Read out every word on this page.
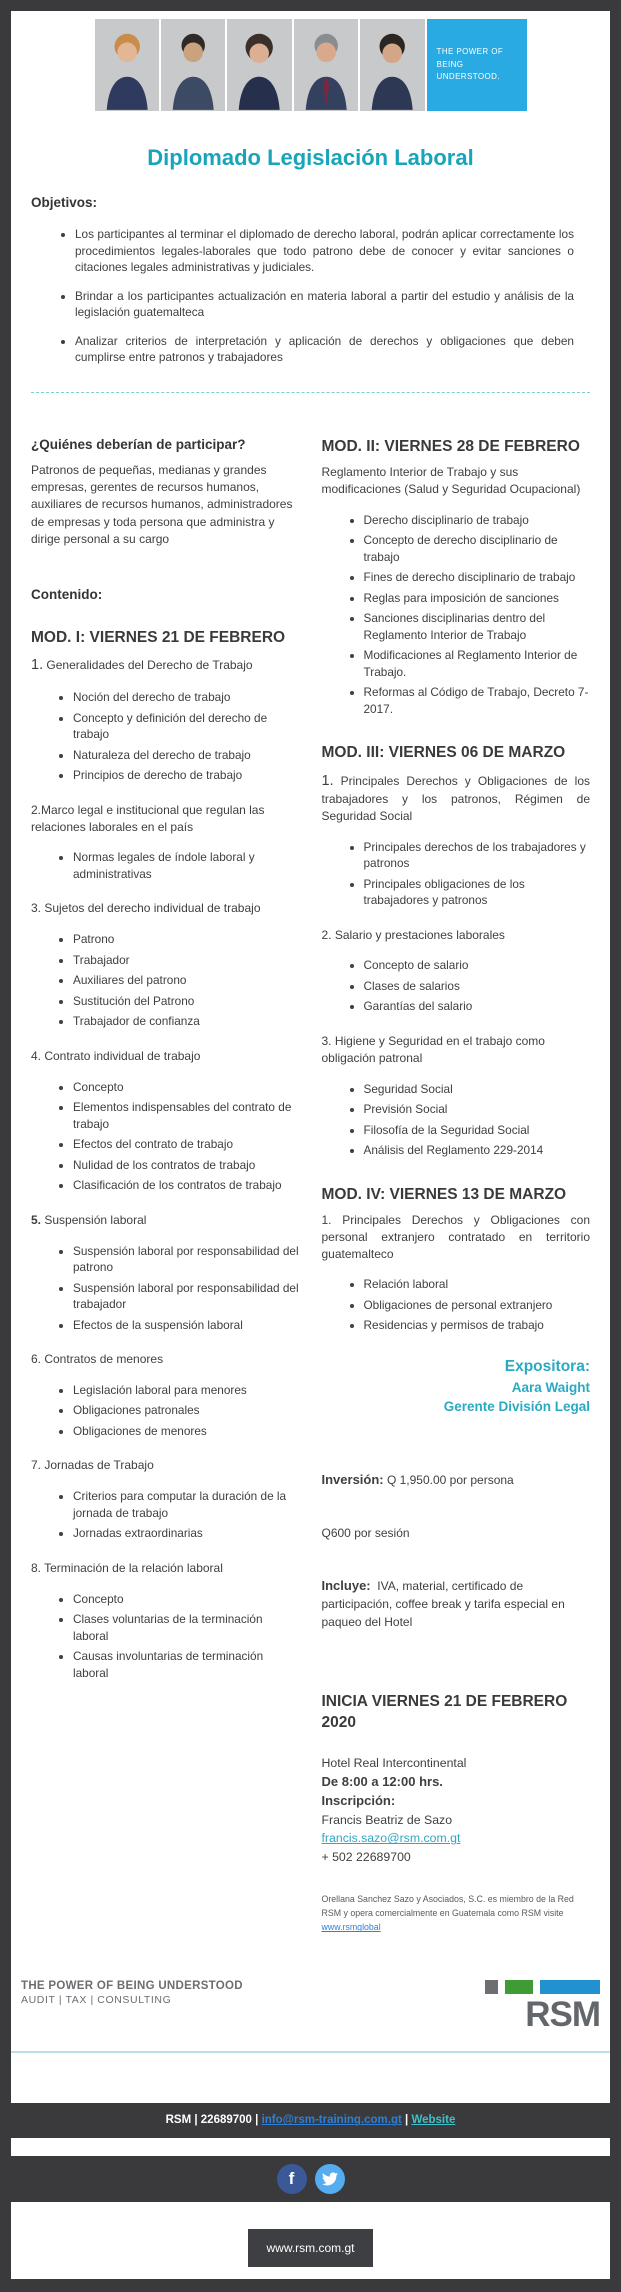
THE POWER OF
BEING UNDERSTOOD.
Diplomado Legislación Laboral
Objetivos:
• Los participantes al terminar el diplomado de derecho laboral, podrán aplicar correctamente los procedimientos legales-laborales que todo patrono debe de conocer y evitar sanciones o citaciones legales administrativas y judiciales.
• Brindar a los participantes actualización en materia laboral a partir del estudio y análisis de la legislación guatemalteca
• Analizar criterios de interpretación y aplicación de derechos y obligaciones que deben cumplirse entre patronos y trabajadores
¿Quiénes deberían de participar?

Patronos de pequeñas, medianas y grandes empresas, gerentes de recursos humanos, auxiliares de recursos humanos, administradores de empresas y toda persona que administra y dirige personal a su cargo

Contenido:
MOD. I: VIERNES 21 DE FEBRERO

1. Generalidades del Derecho de Trabajo

• Noción del derecho de trabajo
• Concepto y definición del derecho de trabajo
• Naturaleza del derecho de trabajo
• Principios de derecho de trabajo

2.Marco legal e institucional que regulan las relaciones laborales en el país

• Normas legales de índole laboral y administrativas

3. Sujetos del derecho individual de trabajo

• Patrono
• Trabajador
• Auxiliares del patrono
• Sustitución del Patrono
• Trabajador de confianza

4. Contrato individual de trabajo

• Concepto
• Elementos indispensables del contrato de trabajo
• Efectos del contrato de trabajo
• Nulidad de los contratos de trabajo
• Clasificación de los contratos de trabajo

5. Suspensión laboral

• Suspensión laboral por responsabilidad del patrono
• Suspensión laboral por responsabilidad del trabajador
• Efectos de la suspensión laboral

6. Contratos de menores

• Legislación laboral para menores
• Obligaciones patronales
• Obligaciones de menores

7. Jornadas de Trabajo

• Criterios para computar la duración de la jornada de trabajo
• Jornadas extraordinarias

8. Terminación de la relación laboral

• Concepto
• Clases voluntarias de la terminación laboral
• Causas involuntarias de terminación laboral
MOD. II: VIERNES 28 DE FEBRERO

Reglamento Interior de Trabajo y sus modificaciones (Salud y Seguridad Ocupacional)

• Derecho disciplinario de trabajo
• Concepto de derecho disciplinario de trabajo
• Fines de derecho disciplinario de trabajo
• Reglas para imposición de sanciones
• Sanciones disciplinarias dentro del Reglamento Interior de Trabajo
• Modificaciones al Reglamento Interior de Trabajo.
• Reformas al Código de Trabajo, Decreto 7-2017.
MOD. III: VIERNES 06 DE MARZO

1. Principales Derechos y Obligaciones de los trabajadores y los patronos, Régimen de Seguridad Social

• Principales derechos de los trabajadores y patronos
• Principales obligaciones de los trabajadores y patronos

2. Salario y prestaciones laborales

• Concepto de salario
• Clases de salarios
• Garantías del salario

3. Higiene y Seguridad en el trabajo como obligación patronal

• Seguridad Social
• Previsión Social
• Filosofía de la Seguridad Social
• Análisis del Reglamento 229-2014
MOD. IV: VIERNES 13 DE MARZO

1. Principales Derechos y Obligaciones con personal extranjero contratado en territorio guatemalteco

• Relación laboral
• Obligaciones de personal extranjero
• Residencias y permisos de trabajo
Expositora:
Aara Waight
Gerente División Legal

Inversión: Q 1,950.00 por persona

Q600 por sesión

Incluye:  IVA, material, certificado de participación, coffee break y tarifa especial en paqueo del Hotel

INICIA VIERNES 21 DE FEBRERO 2020

Hotel Real Intercontinental

De 8:00 a 12:00 hrs.

Inscripción:

Francis Beatriz de Sazo

francis.sazo@rsm.com.gt

+ 502 22689700

Orellana Sanchez Sazo y Asociados, S.C. es miembro de la Red RSM y opera comercialmente en Guatemala como RSM visite www.rsmglobal

THE POWER OF BEING UNDERSTOOD
AUDIT | TAX | CONSULTING	RSM
RSM | 22689700 | info@rsm-training.com.gt | Website
f
www.rsm.com.gt
